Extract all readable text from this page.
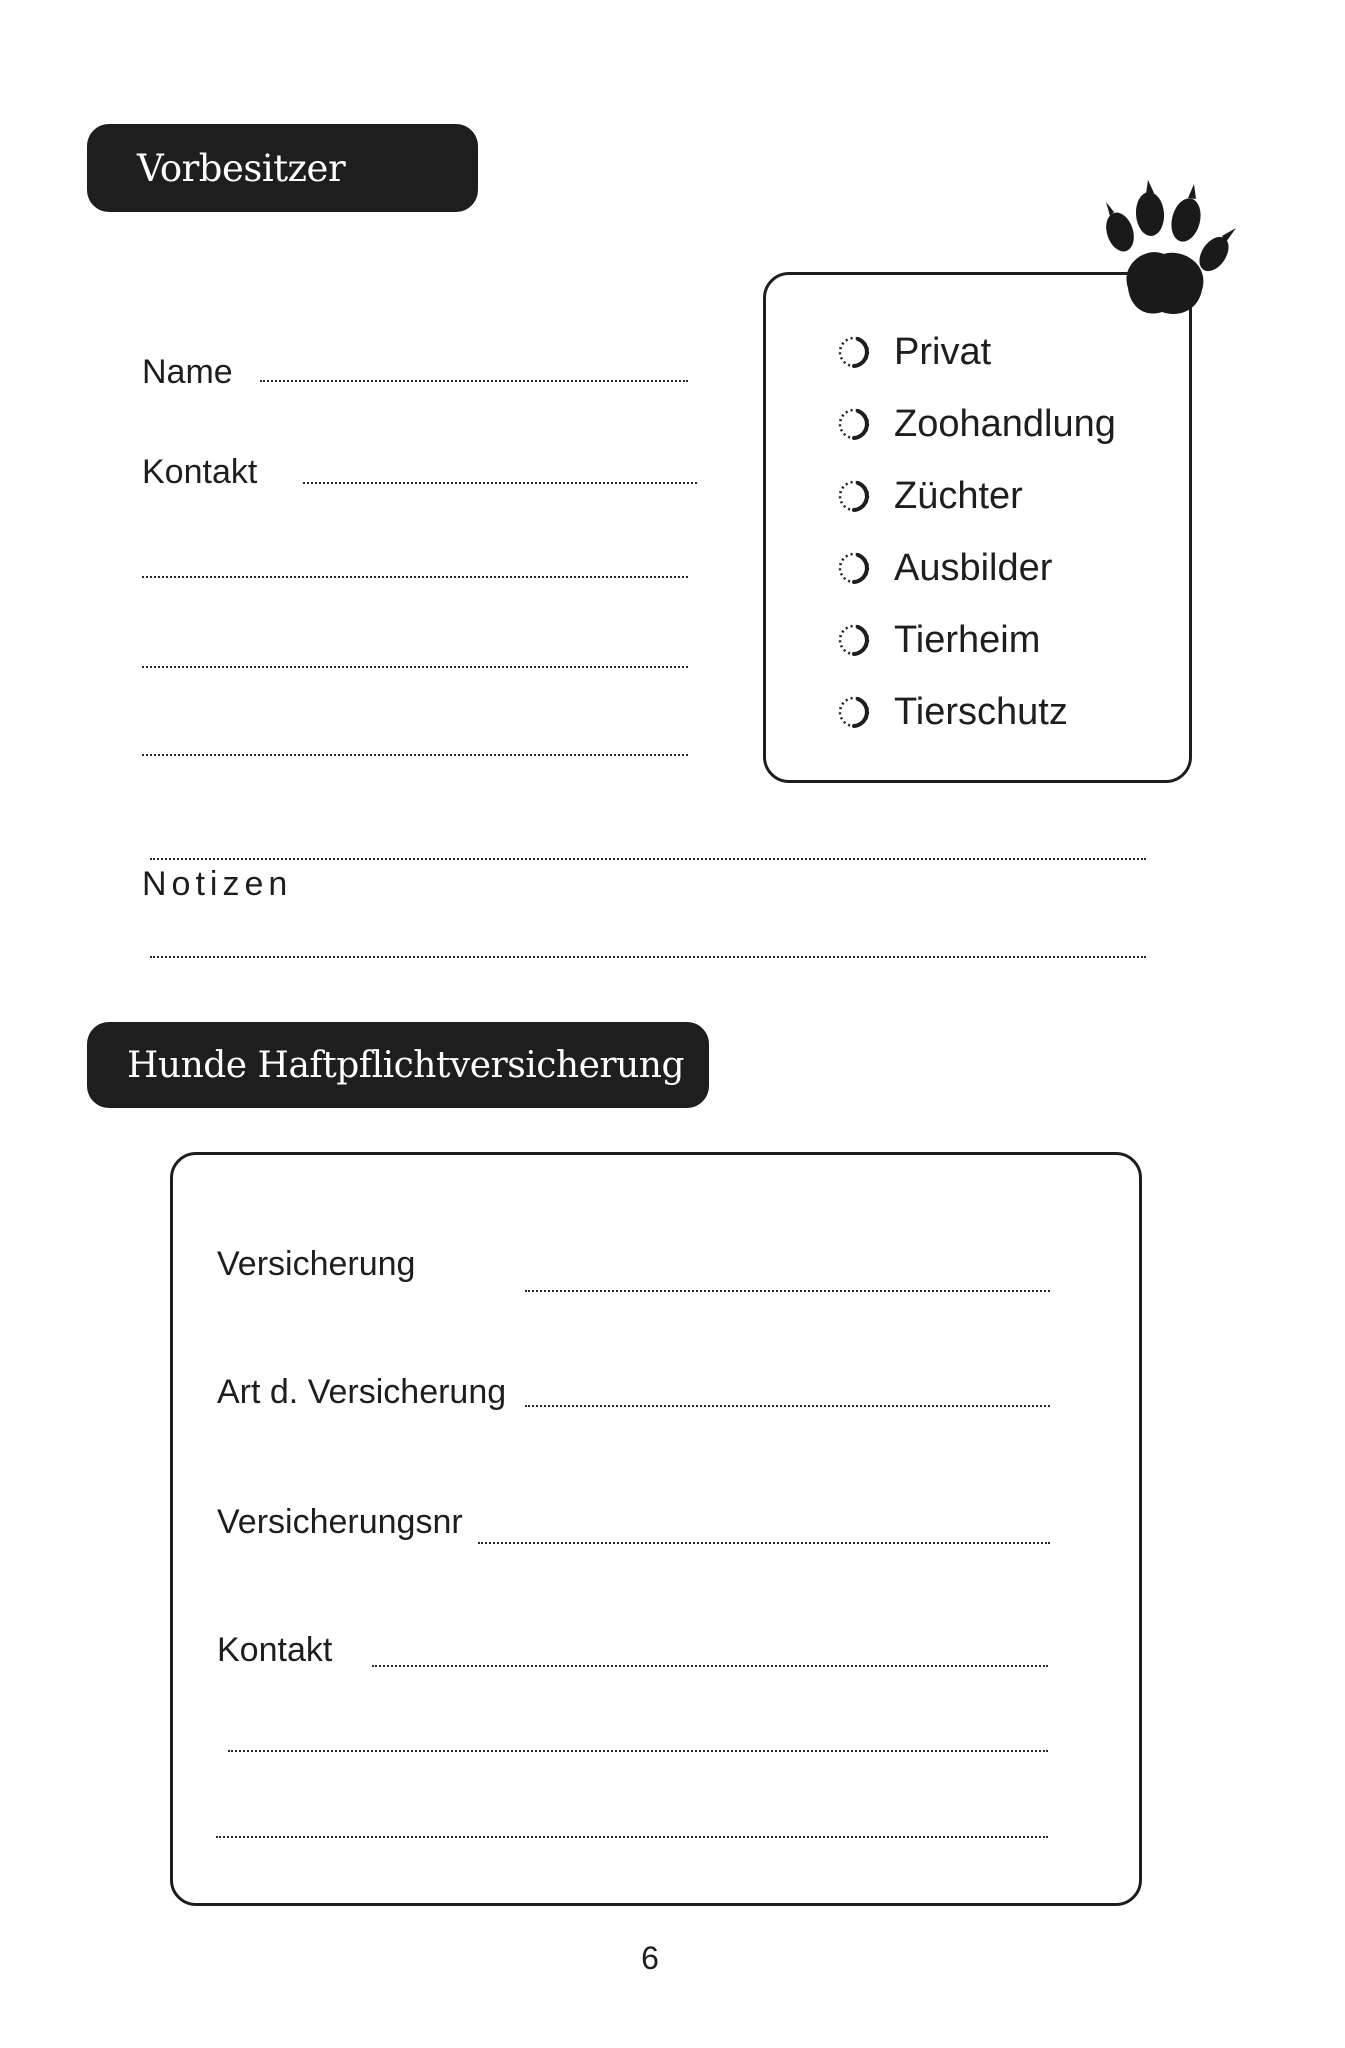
Vorbesitzer
Name
Kontakt
Privat
Zoohandlung
Züchter
Ausbilder
Tierheim
Tierschutz
Notizen
Hunde Haftpflichtversicherung
Versicherung
Art d. Versicherung
Versicherungsnr
Kontakt
6
